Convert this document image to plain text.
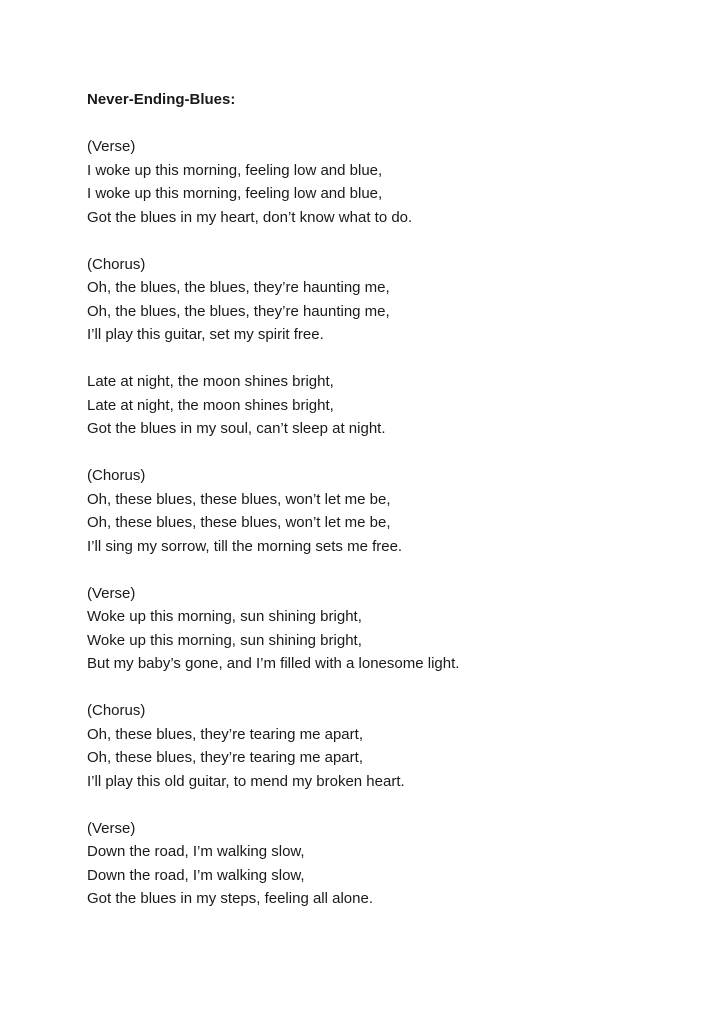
Never-Ending-Blues:
(Verse)
I woke up this morning, feeling low and blue,
I woke up this morning, feeling low and blue,
Got the blues in my heart, don’t know what to do.
(Chorus)
Oh, the blues, the blues, they’re haunting me,
Oh, the blues, the blues, they’re haunting me,
I’ll play this guitar, set my spirit free.
Late at night, the moon shines bright,
Late at night, the moon shines bright,
Got the blues in my soul, can’t sleep at night.
(Chorus)
Oh, these blues, these blues, won’t let me be,
Oh, these blues, these blues, won’t let me be,
I’ll sing my sorrow, till the morning sets me free.
(Verse)
Woke up this morning, sun shining bright,
Woke up this morning, sun shining bright,
But my baby’s gone, and I’m filled with a lonesome light.
(Chorus)
Oh, these blues, they’re tearing me apart,
Oh, these blues, they’re tearing me apart,
I’ll play this old guitar, to mend my broken heart.
(Verse)
Down the road, I’m walking slow,
Down the road, I’m walking slow,
Got the blues in my steps, feeling all alone.
